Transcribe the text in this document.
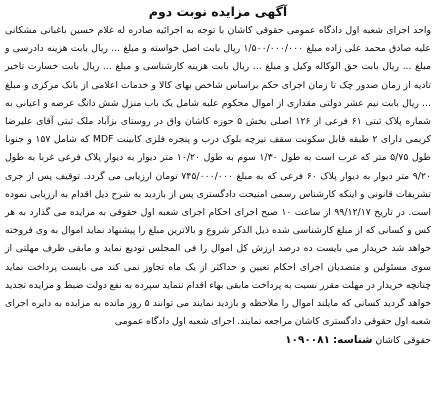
آگهی مزایده نوبت دوم
واحد اجرای شعبه اول دادگاه عمومی حقوقی کاشان با توجه به اجرائیه صادره له غلام حسین باغبانی مشکانی علیه صادق محمد علی زاده مبلغ ۱/۵۰۰/۰۰۰/۰۰۰ ریال بابت اصل خواسته و مبلغ ... ریال بابت هزینه دادرسی و مبلغ ... ریال بابت حق الوکاله وکیل و مبلغ ... ریال بابت هزینه کارشناسی و مبلغ ... ریال بابت خسارت تاخیر تادیه از زمان صدور چک تا زمان اجرای حکم براساس شاخص بهای کالا و خدمات اعلامی از بانک مرکزی و مبلغ ... ریال بابت نیم عشر دولتی مقداری از اموال محکوم علیه شامل یک باب منزل شش دانگ عرصه و اعیانی به شماره پلاک ثبتی ۶۱ فرعی از ۱۲۶ اصلی بخش ۵ حوزه کاشان واق در روستای بزآباد ملک ثبتی آقای علیرضا کریمی دارای ۲ طبقه قابل سکونت سقف تیرچه بلوک درب و پنجره فلزی کابینت MDF که شامل ۱۵۷ و جنوبا طول ۵/۷۵ متر که غرب است به طول ۱/۳۰ سوم به طول ۱۰/۲۰ متر دیوار به دیوار پلاک فرعی غربا به طول ۹/۲۰ متر دیوار به دیوار پلاک ۶۰ فرعی که به مبلغ ۷۴۵/۰۰۰/۰۰۰ تومان ارزیابی می گردد. توقیف پس از جری تشریفات قانونی و اینکه کارشناس رسمی امنیحت دادگستری پس از بازدید به شرح ذیل اقدام به ارزیابی نموده است. در تاریخ ۹۹/۱۲/۱۷ از ساعت ۱۰ صبح اجرای احکام اجرای شعبه اول حقوقی به مزایده می گذارد به هر کس و کسانی که از مبلغ کارشناسی شده ذیل الذکر شروع و بالاترین مبلغ را پیشنهاد نماید اموال به وی فروخته خواهد شد خریدار می بایست ده درصد ارزش کل اموال را فی المجلس تودیع نماید و مابقی ظرف مهلتی از سوی مسئولین و متصدیان اجرای احکام تعیین و حداکثر از یک ماه تجاوز نمی کند می بایست پرداخت نماید چنانچه خریدار در مهلت مقرر نسبت به پرداخت مابقی بهاء اقدام ننماید سپرده به نفع دولت ضبط و مزایده تجدید خواهد گردید کسانی که مایلند اموال را ملاحظه و بازدید نمایند می توانند ۵ روز مانده به مزایده به دایره اجرای شعبه اول حقوقی دادگستری کاشان مراجعه نمایند. اجرای شعبه اول دادگاه عمومی
حقوقی کاشان شناسه: ۱۰۹۰۰۸۱
